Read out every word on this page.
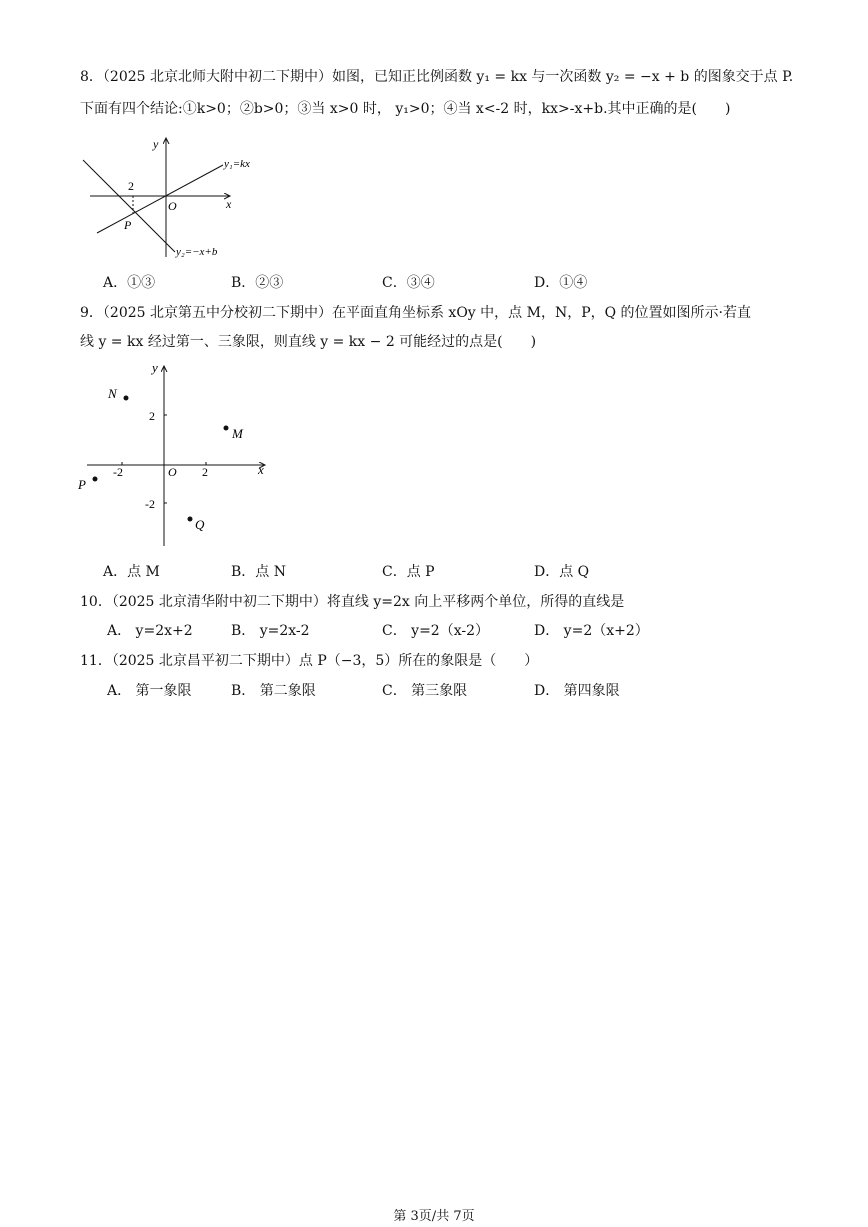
8．（2025 北京北师大附中初二下期中）如图，已知正比例函数 y₁ = kx 与一次函数 y₂ = −x + b 的图象交于点 P.
下面有四个结论:①k>0；②b>0；③当 x>0 时， y₁>0；④当 x<-2 时，kx>-x+b.其中正确的是(　　)
y
x
O
2
P
y₁=kx
y₂=−x+b
A．①③	B．②③	C．③④	D．①④
9．（2025 北京第五中分校初二下期中）在平面直角坐标系 xOy 中，点 M，N，P，Q 的位置如图所示·若直
线 y = kx 经过第一、三象限，则直线 y = kx − 2 可能经过的点是(　　)
y
x
O
-2	2
2
-2
N
M
P
Q
A．点 M	B．点 N	C．点 P	D．点 Q
10．（2025 北京清华附中初二下期中）将直线 y=2x 向上平移两个单位，所得的直线是
A． y=2x+2	B． y=2x-2	C． y=2（x-2）	D． y=2（x+2）
11．（2025 北京昌平初二下期中）点 P（−3，5）所在的象限是（　　）
A． 第一象限	B． 第二象限	C． 第三象限	D． 第四象限
第 3页/共 7页
